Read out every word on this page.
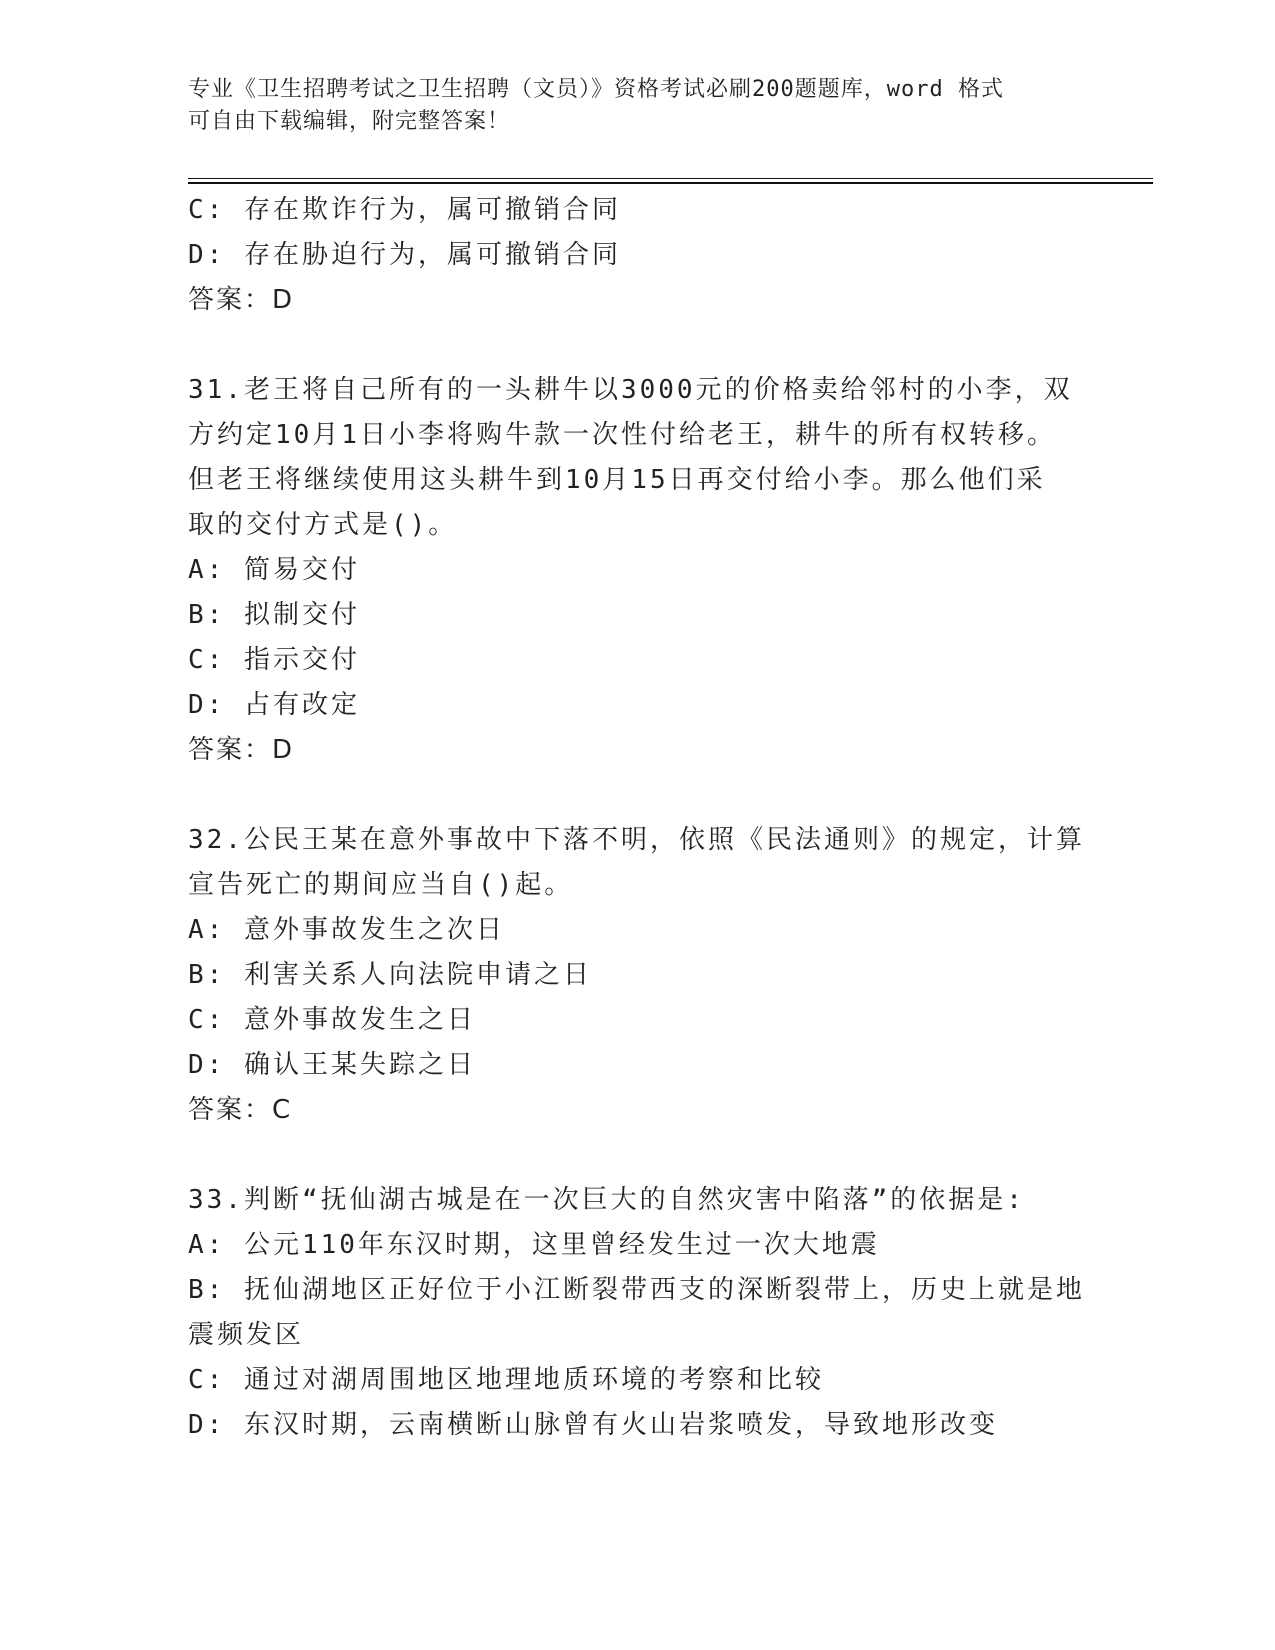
专业《卫生招聘考试之卫生招聘（文员）》资格考试必刷200题题库，word 格式
可自由下载编辑，附完整答案！
C: 存在欺诈行为，属可撤销合同
D: 存在胁迫行为，属可撤销合同
答案：D
31.老王将自己所有的一头耕牛以3000元的价格卖给邻村的小李，双
方约定10月1日小李将购牛款一次性付给老王，耕牛的所有权转移。
但老王将继续使用这头耕牛到10月15日再交付给小李。那么他们采
取的交付方式是()。
A: 简易交付
B: 拟制交付
C: 指示交付
D: 占有改定
答案：D
32.公民王某在意外事故中下落不明，依照《民法通则》的规定，计算
宣告死亡的期间应当自()起。
A: 意外事故发生之次日
B: 利害关系人向法院申请之日
C: 意外事故发生之日
D: 确认王某失踪之日
答案：C
33.判断“抚仙湖古城是在一次巨大的自然灾害中陷落”的依据是:
A: 公元110年东汉时期，这里曾经发生过一次大地震
B: 抚仙湖地区正好位于小江断裂带西支的深断裂带上，历史上就是地
震频发区
C: 通过对湖周围地区地理地质环境的考察和比较
D: 东汉时期，云南横断山脉曾有火山岩浆喷发，导致地形改变
